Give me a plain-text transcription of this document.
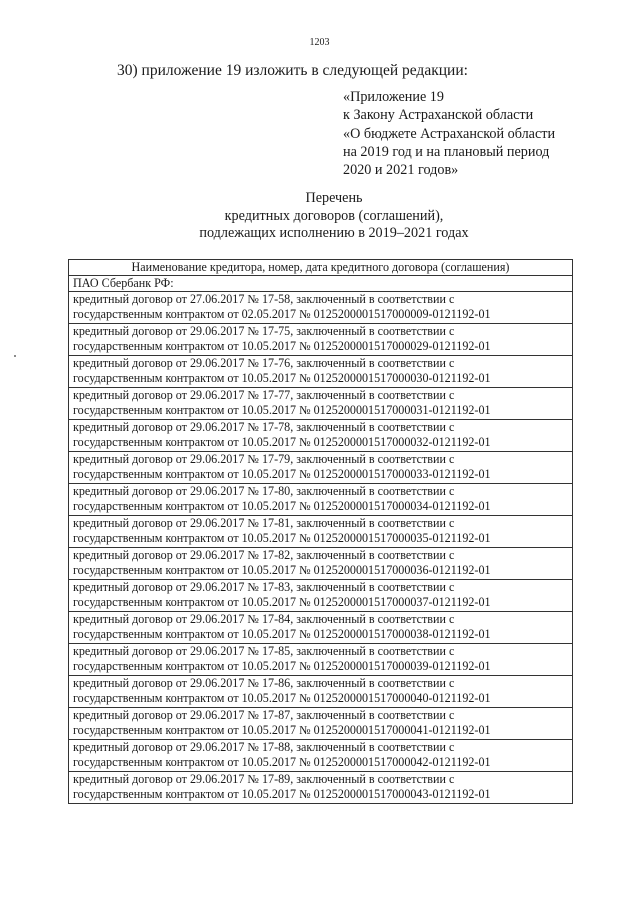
1203
30) приложение 19 изложить в следующей редакции:
«Приложение 19
к Закону Астраханской области
«О бюджете Астраханской области
на 2019 год и на плановый период
2020 и 2021 годов»
Перечень
кредитных договоров (соглашений),
подлежащих исполнению в 2019–2021 годах
Наименование кредитора, номер, дата кредитного договора (соглашения)
ПАО Сбербанк РФ:

кредитный договор от 27.06.2017 № 17-58, заключенный в соответствии с
государственным контрактом от 02.05.2017 № 0125200001517000009-0121192-01

кредитный договор от 29.06.2017 № 17-75, заключенный в соответствии с
государственным контрактом от 10.05.2017 № 0125200001517000029-0121192-01

кредитный договор от 29.06.2017 № 17-76, заключенный в соответствии с
государственным контрактом от 10.05.2017 № 0125200001517000030-0121192-01

кредитный договор от 29.06.2017 № 17-77, заключенный в соответствии с
государственным контрактом от 10.05.2017 № 0125200001517000031-0121192-01

кредитный договор от 29.06.2017 № 17-78, заключенный в соответствии с
государственным контрактом от 10.05.2017 № 0125200001517000032-0121192-01

кредитный договор от 29.06.2017 № 17-79, заключенный в соответствии с
государственным контрактом от 10.05.2017 № 0125200001517000033-0121192-01

кредитный договор от 29.06.2017 № 17-80, заключенный в соответствии с
государственным контрактом от 10.05.2017 № 0125200001517000034-0121192-01

кредитный договор от 29.06.2017 № 17-81, заключенный в соответствии с
государственным контрактом от 10.05.2017 № 0125200001517000035-0121192-01

кредитный договор от 29.06.2017 № 17-82, заключенный в соответствии с
государственным контрактом от 10.05.2017 № 0125200001517000036-0121192-01

кредитный договор от 29.06.2017 № 17-83, заключенный в соответствии с
государственным контрактом от 10.05.2017 № 0125200001517000037-0121192-01

кредитный договор от 29.06.2017 № 17-84, заключенный в соответствии с
государственным контрактом от 10.05.2017 № 0125200001517000038-0121192-01

кредитный договор от 29.06.2017 № 17-85, заключенный в соответствии с
государственным контрактом от 10.05.2017 № 0125200001517000039-0121192-01

кредитный договор от 29.06.2017 № 17-86, заключенный в соответствии с
государственным контрактом от 10.05.2017 № 0125200001517000040-0121192-01

кредитный договор от 29.06.2017 № 17-87, заключенный в соответствии с
государственным контрактом от 10.05.2017 № 0125200001517000041-0121192-01

кредитный договор от 29.06.2017 № 17-88, заключенный в соответствии с
государственным контрактом от 10.05.2017 № 0125200001517000042-0121192-01

кредитный договор от 29.06.2017 № 17-89, заключенный в соответствии с
государственным контрактом от 10.05.2017 № 0125200001517000043-0121192-01
